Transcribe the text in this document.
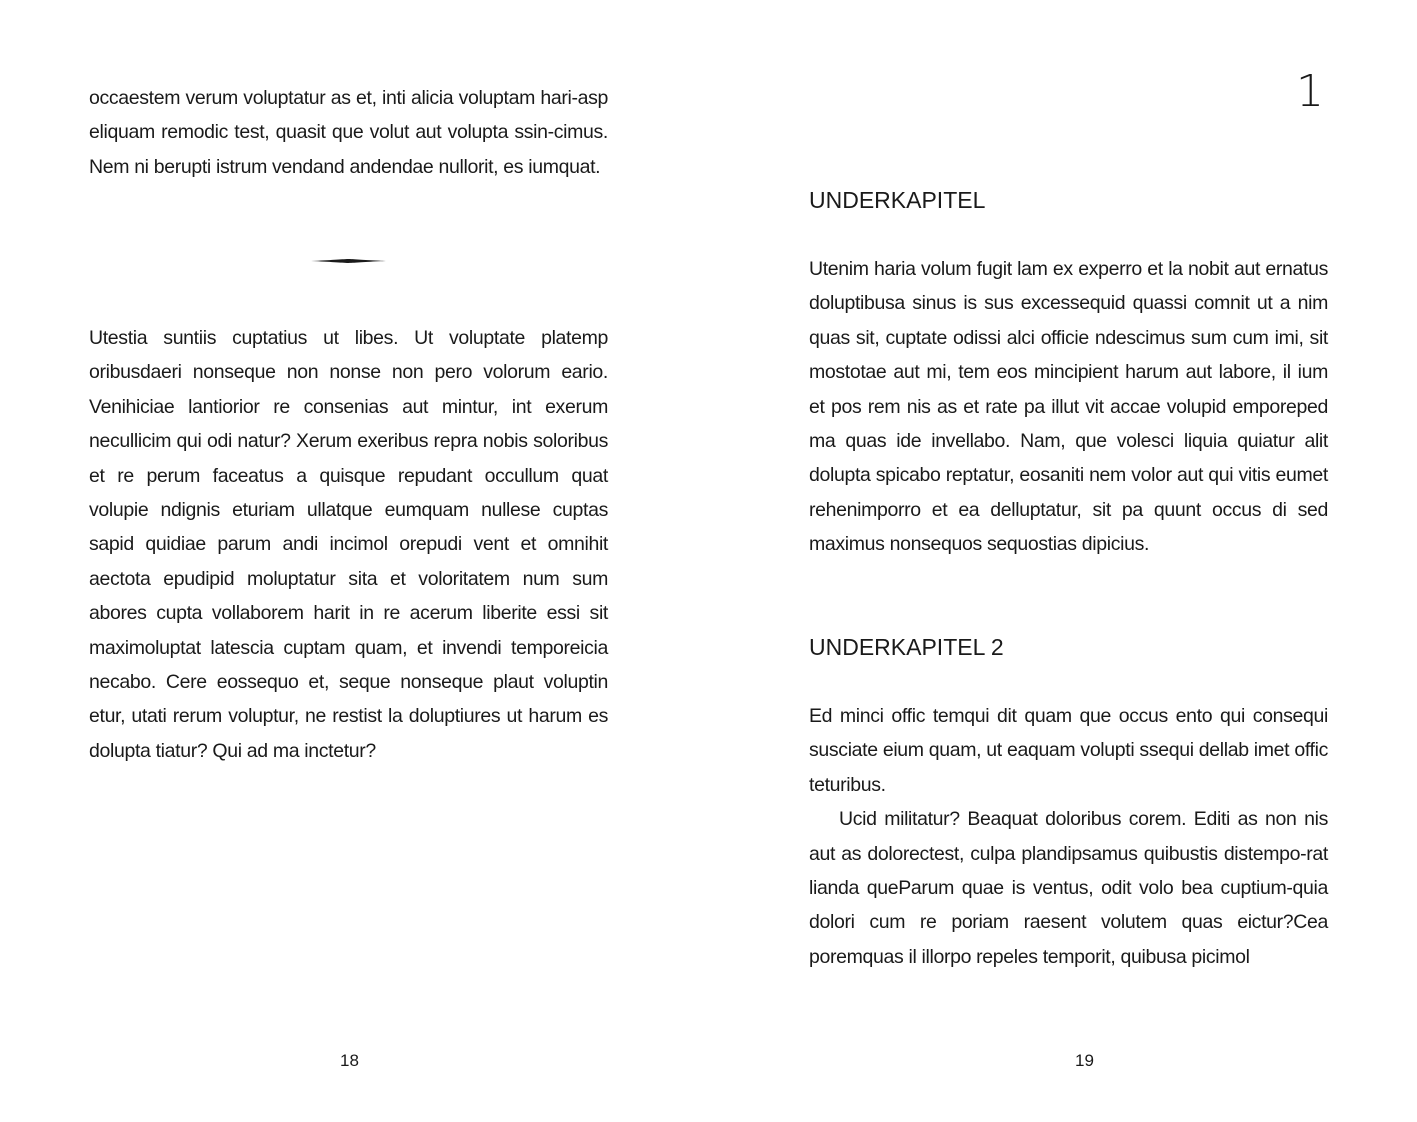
occaestem verum voluptatur as et, inti alicia voluptam hari-asp eliquam remodic test, quasit que volut aut volupta ssin-cimus. Nem ni berupti istrum vendand andendae nullorit, es iumquat.

Utestia suntiis cuptatius ut libes. Ut voluptate platemp oribusdaeri nonseque non nonse non pero volorum eario. Venihiciae lantiorior re consenias aut mintur, int exerum necullicim qui odi natur? Xerum exeribus repra nobis soloribus et re perum faceatus a quisque repudant occullum quat volupie ndignis eturiam ullatque eumquam nullese cuptas sapid quidiae parum andi incimol orepudi vent et omnihit aectota epudipid moluptatur sita et voloritatem num sum abores cupta vollaborem harit in re acerum liberite essi sit maximoluptat latescia cuptam quam, et invendi temporeicia necabo. Cere eossequo et, seque nonseque plaut voluptin etur, utati rerum voluptur, ne restist la doluptiures ut harum es dolupta tiatur? Qui ad ma inctetur?

18
1
UNDERKAPITEL

Utenim haria volum fugit lam ex experro et la nobit aut ernatus doluptibusa sinus is sus excessequid quassi comnit ut a nim quas sit, cuptate odissi alci officie ndescimus sum cum imi, sit mostotae aut mi, tem eos mincipient harum aut labore, il ium et pos rem nis as et rate pa illut vit accae volupid emporeped ma quas ide invellabo. Nam, que volesci liquia quiatur alit dolupta spicabo reptatur, eosaniti nem volor aut qui vitis eumet rehenimporro et ea delluptatur, sit pa quunt occus di sed maximus nonsequos sequostias dipicius.

UNDERKAPITEL 2

Ed minci offic temqui dit quam que occus ento qui consequi susciate eium quam, ut eaquam volupti ssequi dellab imet offic teturibus.

Ucid militatur? Beaquat doloribus corem. Editi as non nis aut as dolorectest, culpa plandipsamus quibustis distempo-rat lianda queParum quae is ventus, odit volo bea cuptium-quia dolori cum re poriam raesent volutem quas eictur?Cea poremquas il illorpo repeles temporit, quibusa picimol

19
